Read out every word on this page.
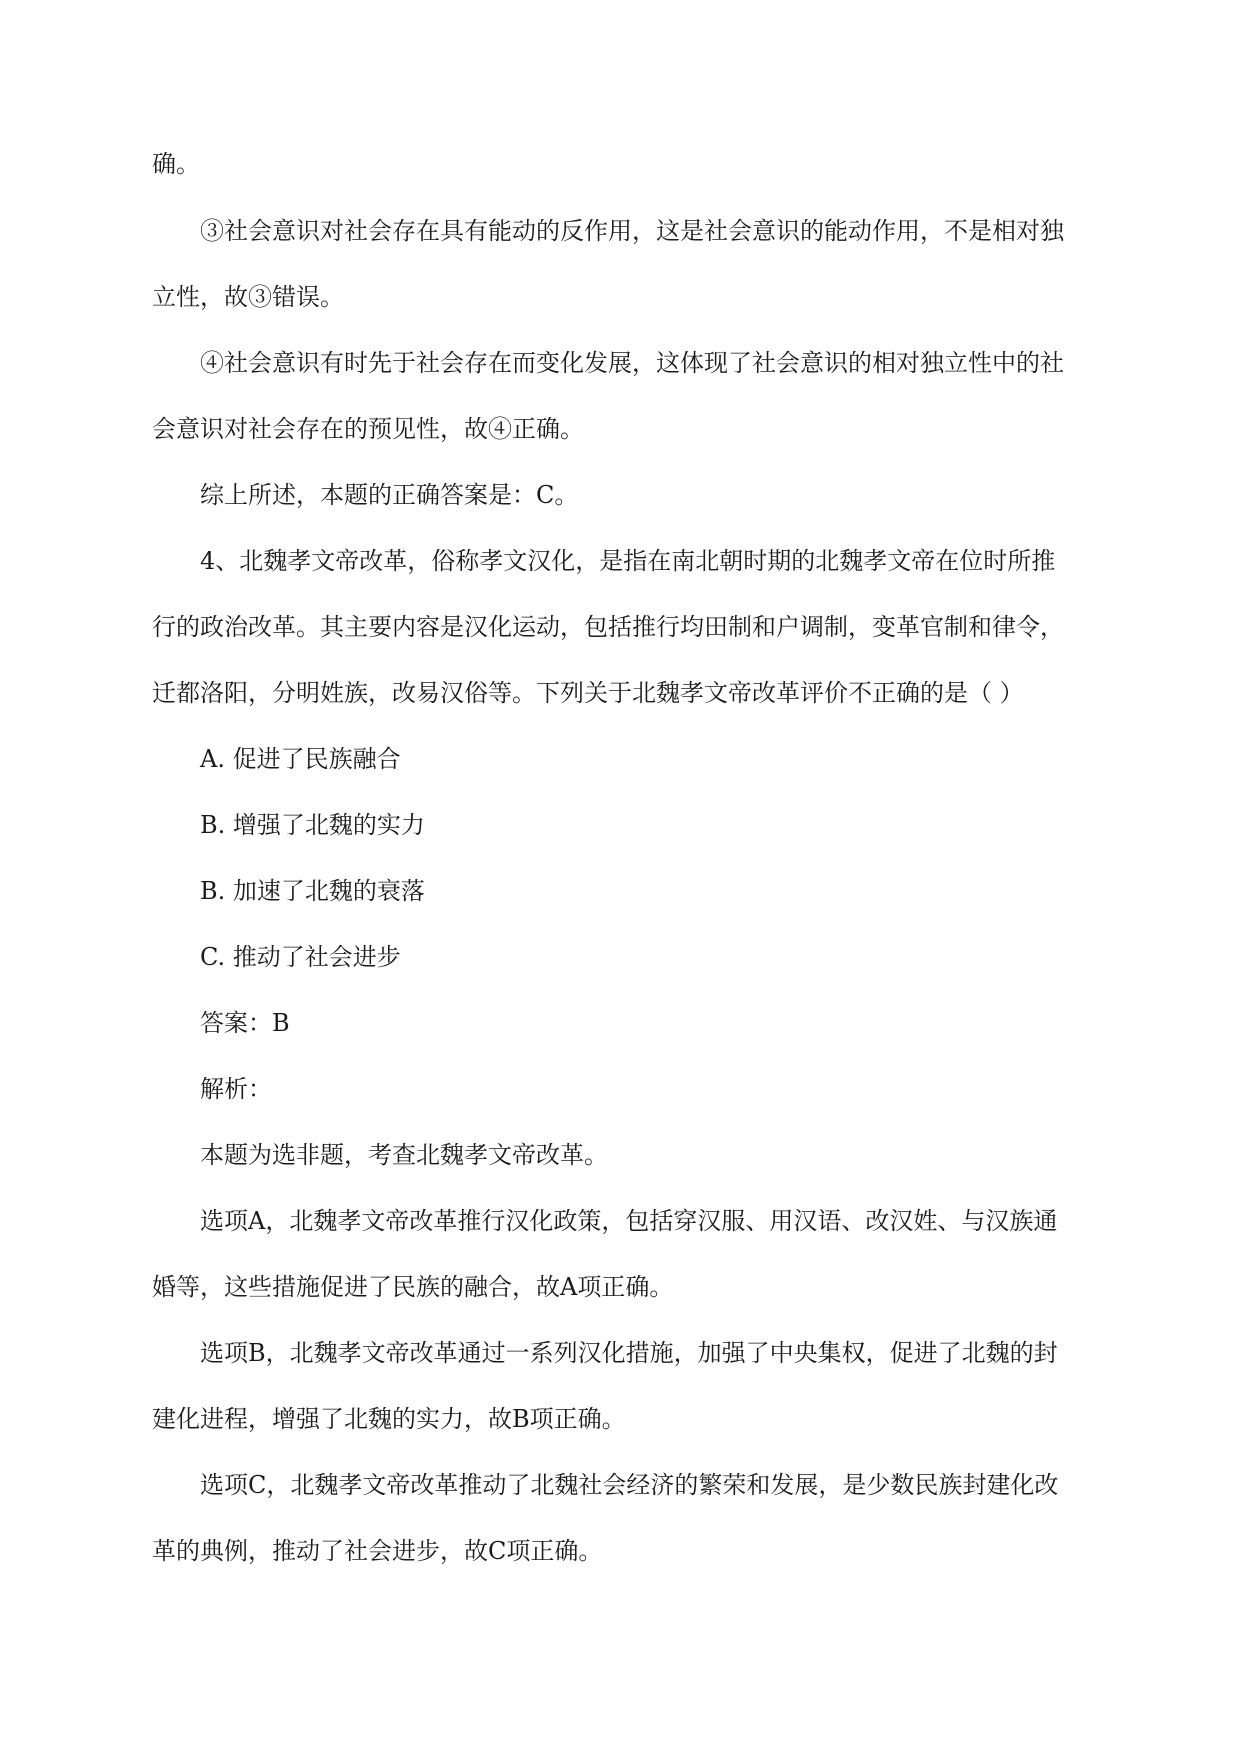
确。
③社会意识对社会存在具有能动的反作用，这是社会意识的能动作用，不是相对独
立性，故③错误。
④社会意识有时先于社会存在而变化发展，这体现了社会意识的相对独立性中的社
会意识对社会存在的预见性，故④正确。
综上所述，本题的正确答案是：C。
4、北魏孝文帝改革，俗称孝文汉化，是指在南北朝时期的北魏孝文帝在位时所推
行的政治改革。其主要内容是汉化运动，包括推行均田制和户调制，变革官制和律令，
迁都洛阳，分明姓族，改易汉俗等。下列关于北魏孝文帝改革评价不正确的是（ ）
A. 促进了民族融合
B. 增强了北魏的实力
B. 加速了北魏的衰落
C. 推动了社会进步
答案：B
解析：
本题为选非题，考查北魏孝文帝改革。
选项A，北魏孝文帝改革推行汉化政策，包括穿汉服、用汉语、改汉姓、与汉族通
婚等，这些措施促进了民族的融合，故A项正确。
选项B，北魏孝文帝改革通过一系列汉化措施，加强了中央集权，促进了北魏的封
建化进程，增强了北魏的实力，故B项正确。
选项C，北魏孝文帝改革推动了北魏社会经济的繁荣和发展，是少数民族封建化改
革的典例，推动了社会进步，故C项正确。
